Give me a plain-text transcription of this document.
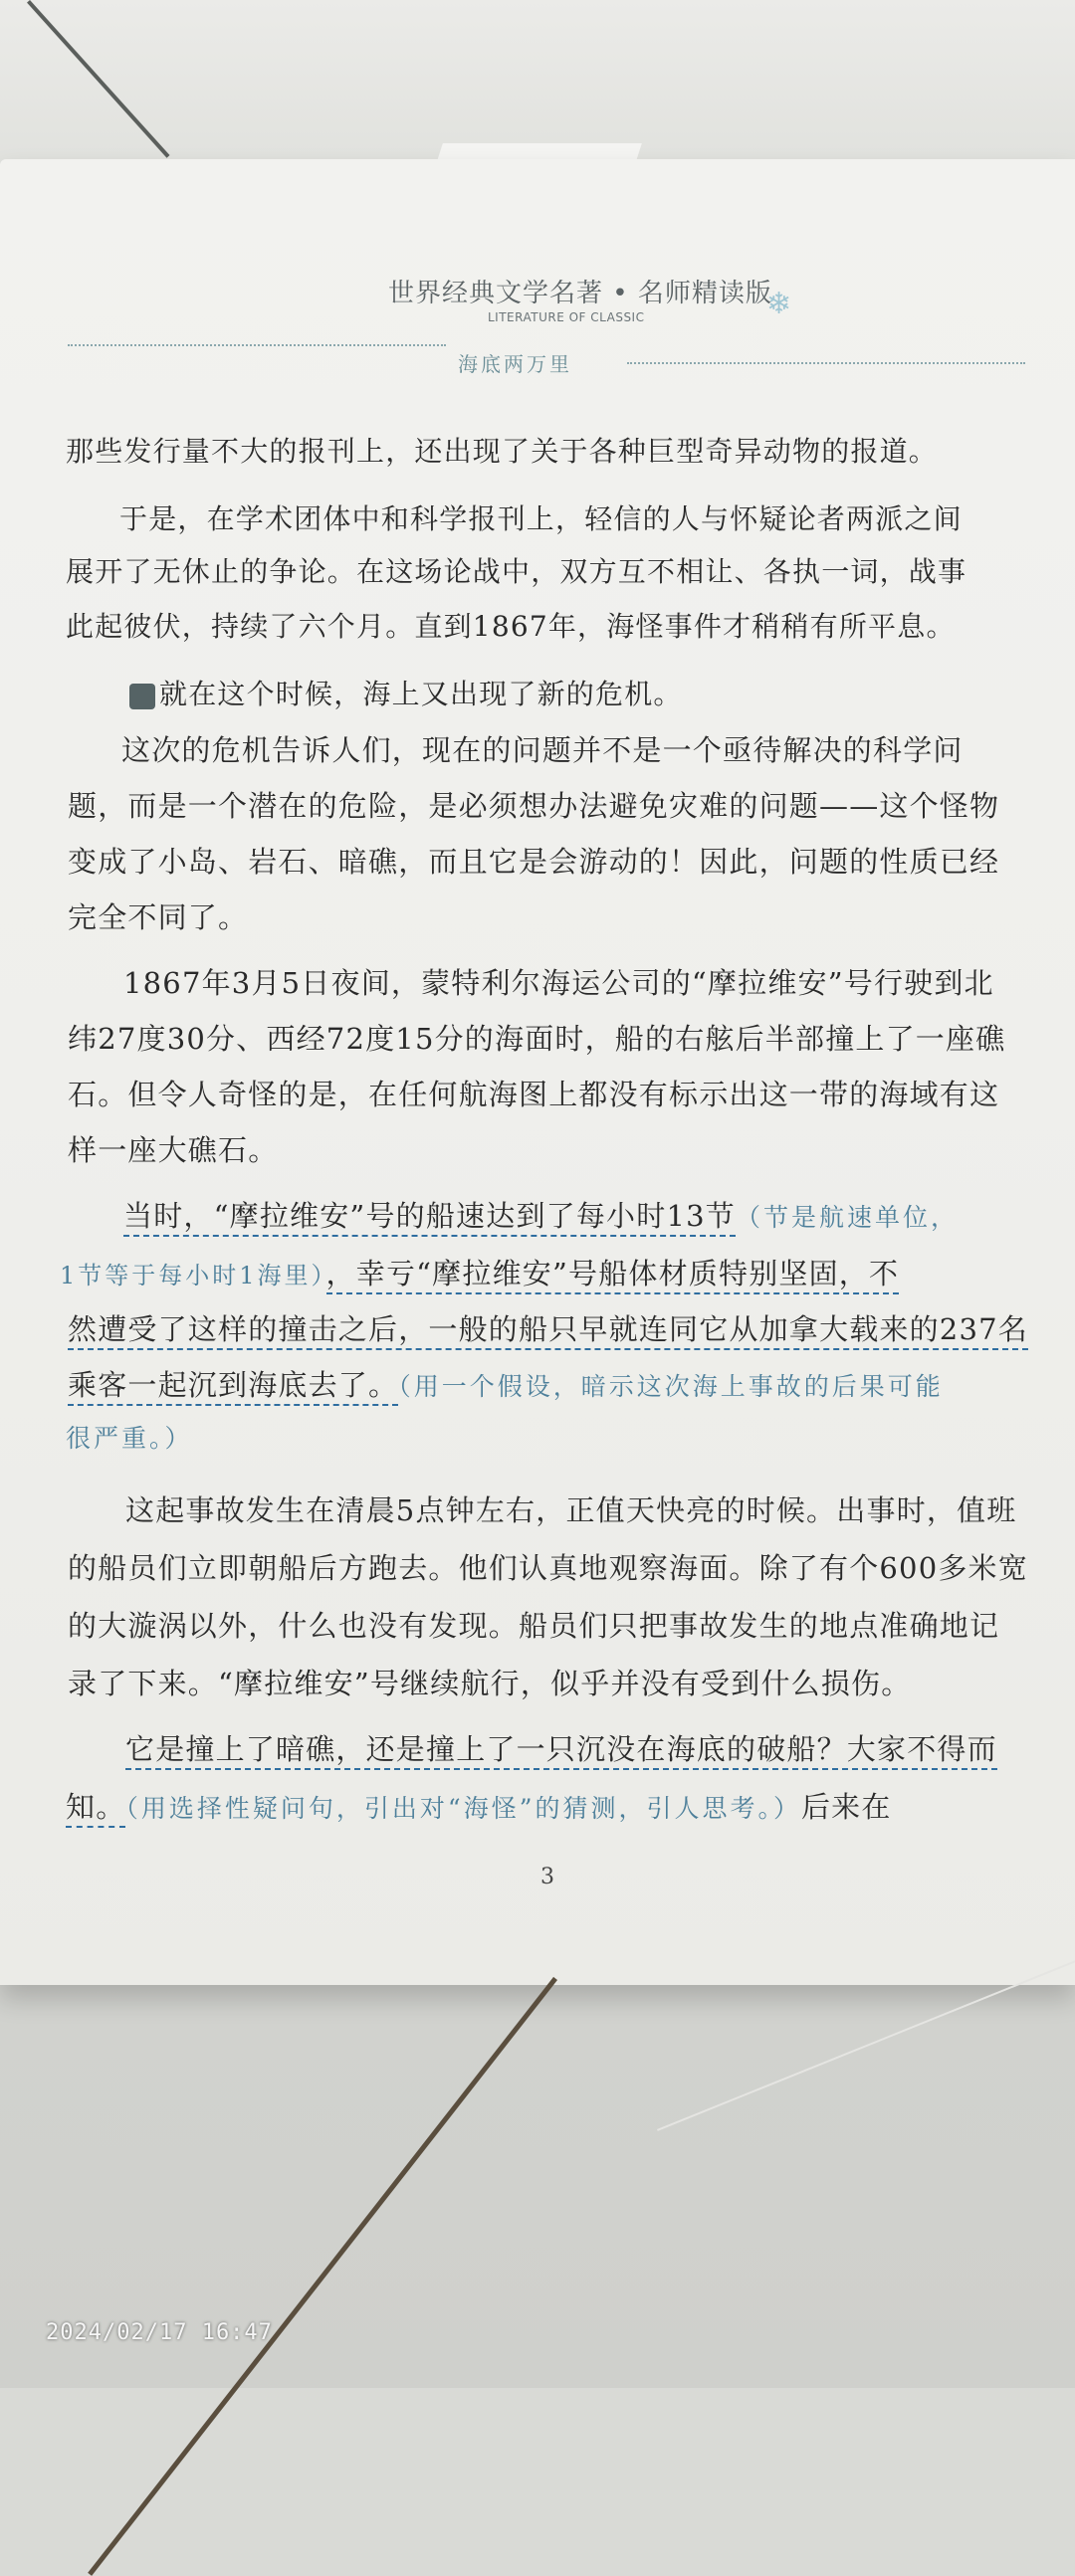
世界经典文学名著 • 名师精读版
LITERATURE OF CLASSIC	❄
海底两万里
那些发行量不大的报刊上，还出现了关于各种巨型奇异动物的报道。
于是，在学术团体中和科学报刊上，轻信的人与怀疑论者两派之间
展开了无休止的争论。在这场论战中，双方互不相让、各执一词，战事
此起彼伏，持续了六个月。直到1867年，海怪事件才稍稍有所平息。
就在这个时候，海上又出现了新的危机。
这次的危机告诉人们，现在的问题并不是一个亟待解决的科学问
题，而是一个潜在的危险，是必须想办法避免灾难的问题——这个怪物
变成了小岛、岩石、暗礁，而且它是会游动的！因此，问题的性质已经
完全不同了。
1867年3月5日夜间，蒙特利尔海运公司的“摩拉维安”号行驶到北
纬27度30分、西经72度15分的海面时，船的右舷后半部撞上了一座礁
石。但令人奇怪的是，在任何航海图上都没有标示出这一带的海域有这
样一座大礁石。
当时，“摩拉维安”号的船速达到了每小时13节（节是航速单位，
1节等于每小时1海里），幸亏“摩拉维安”号船体材质特别坚固，不
然遭受了这样的撞击之后，一般的船只早就连同它从加拿大载来的237名
乘客一起沉到海底去了。（用一个假设，暗示这次海上事故的后果可能
很严重。）
这起事故发生在清晨5点钟左右，正值天快亮的时候。出事时，值班
的船员们立即朝船后方跑去。他们认真地观察海面。除了有个600多米宽
的大漩涡以外，什么也没有发现。船员们只把事故发生的地点准确地记
录了下来。“摩拉维安”号继续航行，似乎并没有受到什么损伤。
它是撞上了暗礁，还是撞上了一只沉没在海底的破船？大家不得而
知。（用选择性疑问句，引出对“海怪”的猜测，引人思考。）后来在
3
2024/02/17 16:47
